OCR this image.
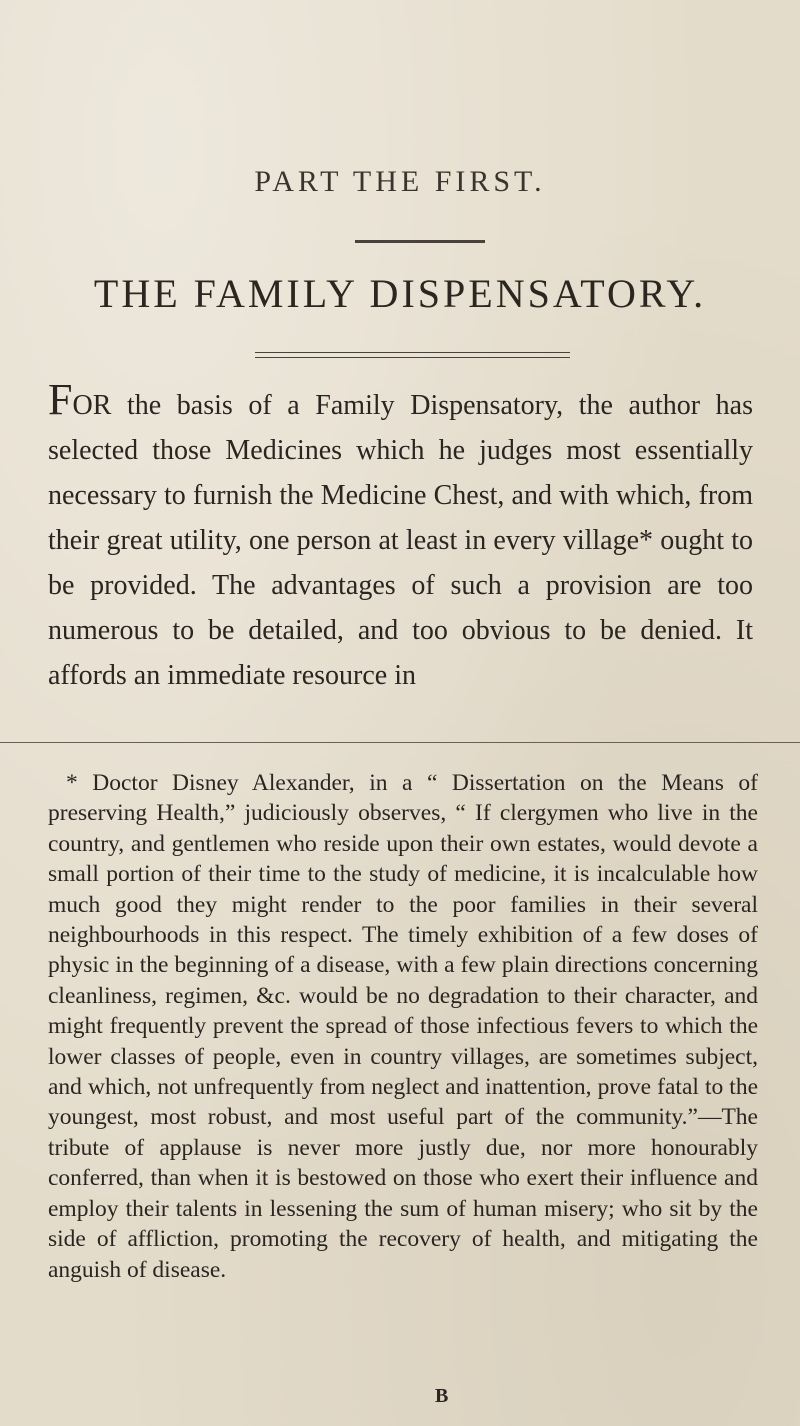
PART THE FIRST.
THE FAMILY DISPENSATORY.
FOR the basis of a Family Dispensatory, the author has selected those Medicines which he judges most essentially necessary to furnish the Medicine Chest, and with which, from their great utility, one person at least in every village* ought to be provided. The advantages of such a provision are too numerous to be detailed, and too obvious to be denied. It affords an immediate resource in
* Doctor Disney Alexander, in a “ Dissertation on the Means of preserving Health,” judiciously observes, “ If clergymen who live in the country, and gentlemen who reside upon their own estates, would devote a small portion of their time to the study of medicine, it is incalculable how much good they might render to the poor families in their several neighbourhoods in this respect. The timely exhibition of a few doses of physic in the beginning of a disease, with a few plain directions concerning cleanliness, regimen, &c. would be no degradation to their character, and might frequently prevent the spread of those infectious fevers to which the lower classes of people, even in country villages, are sometimes subject, and which, not unfrequently from neglect and inattention, prove fatal to the youngest, most robust, and most useful part of the community.”—The tribute of applause is never more justly due, nor more honourably conferred, than when it is bestowed on those who exert their influence and employ their talents in lessening the sum of human misery; who sit by the side of affliction, promoting the recovery of health, and mitigating the anguish of disease.
B
